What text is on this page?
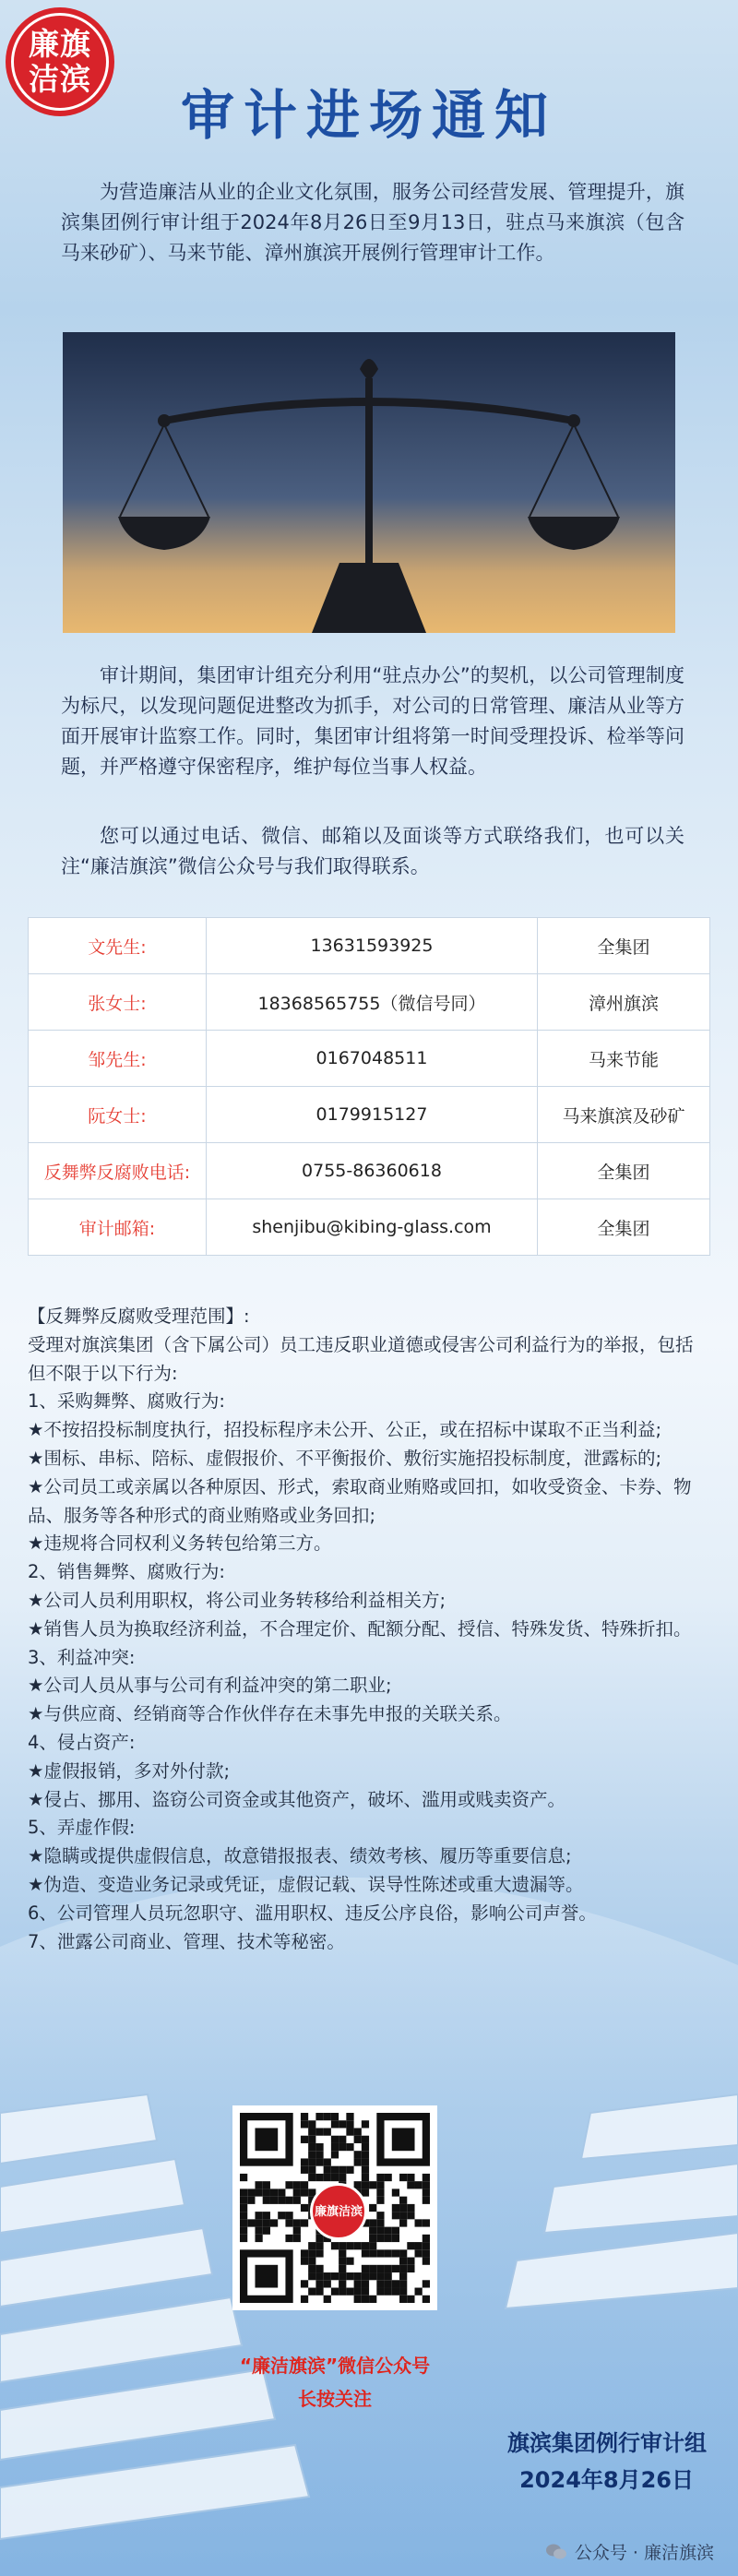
廉旗
洁滨
审计进场通知

为营造廉洁从业的企业文化氛围，服务公司经营发展、管理提升，旗滨集团例行审计组于2024年8月26日至9月13日，驻点马来旗滨（包含马来砂矿）、马来节能、漳州旗滨开展例行管理审计工作。

审计期间，集团审计组充分利用“驻点办公”的契机，以公司管理制度为标尺，以发现问题促进整改为抓手，对公司的日常管理、廉洁从业等方面开展审计监察工作。同时，集团审计组将第一时间受理投诉、检举等问题，并严格遵守保密程序，维护每位当事人权益。

您可以通过电话、微信、邮箱以及面谈等方式联络我们，也可以关注“廉洁旗滨”微信公众号与我们取得联系。

文先生:	13631593925	全集团
张女士:	18368565755（微信号同）	漳州旗滨
邹先生:	0167048511	马来节能
阮女士:	0179915127	马来旗滨及砂矿
反舞弊反腐败电话:	0755-86360618	全集团
审计邮箱:	shenjibu@kibing-glass.com	全集团
【反舞弊反腐败受理范围】:
受理对旗滨集团（含下属公司）员工违反职业道德或侵害公司利益行为的举报，包括但不限于以下行为:
1、采购舞弊、腐败行为:
★不按招投标制度执行，招投标程序未公开、公正，或在招标中谋取不正当利益;
★围标、串标、陪标、虚假报价、不平衡报价、敷衍实施招投标制度，泄露标的;
★公司员工或亲属以各种原因、形式，索取商业贿赂或回扣，如收受资金、卡券、物品、服务等各种形式的商业贿赂或业务回扣;
★违规将合同权利义务转包给第三方。
2、销售舞弊、腐败行为:
★公司人员利用职权，将公司业务转移给利益相关方;
★销售人员为换取经济利益，不合理定价、配额分配、授信、特殊发货、特殊折扣。
3、利益冲突:
★公司人员从事与公司有利益冲突的第二职业;
★与供应商、经销商等合作伙伴存在未事先申报的关联关系。
4、侵占资产:
★虚假报销，多对外付款;
★侵占、挪用、盗窃公司资金或其他资产，破坏、滥用或贱卖资产。
5、弄虚作假:
★隐瞒或提供虚假信息，故意错报报表、绩效考核、履历等重要信息;
★伪造、变造业务记录或凭证，虚假记载、误导性陈述或重大遗漏等。
6、公司管理人员玩忽职守、滥用职权、违反公序良俗，影响公司声誉。
7、泄露公司商业、管理、技术等秘密。
廉旗洁滨
“廉洁旗滨”微信公众号
长按关注
旗滨集团例行审计组
2024年8月26日
公众号 · 廉洁旗滨
